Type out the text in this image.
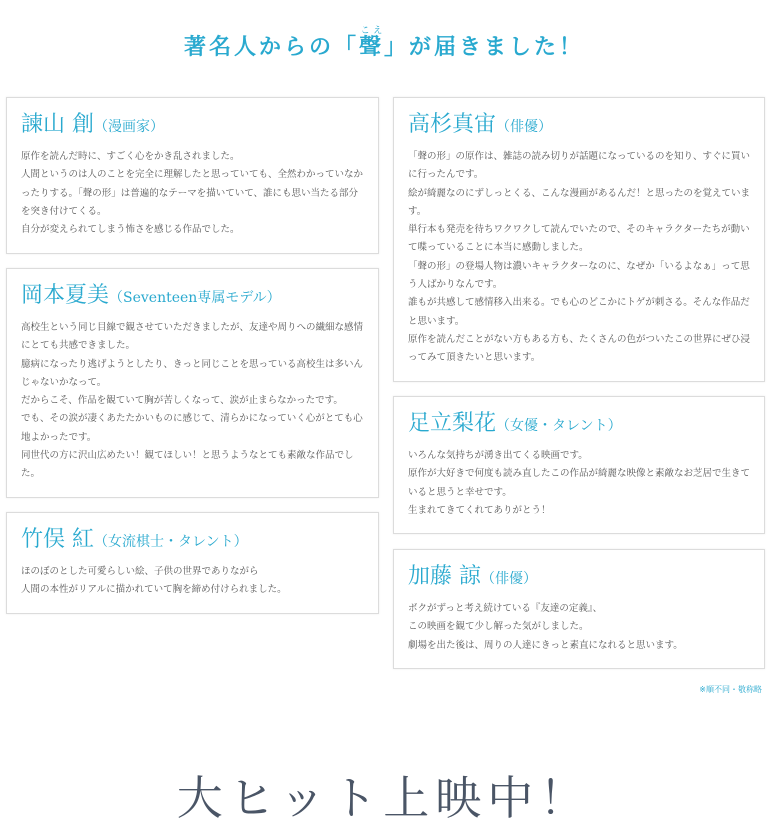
著名人からの「聲こえ」が届きました！
諫山 創（漫画家）
原作を読んだ時に、すごく心をかき乱されました。
人間というのは人のことを完全に理解したと思っていても、全然わかっていなかったりする。「聲の形」は普遍的なテーマを描いていて、誰にも思い当たる部分を突き付けてくる。
自分が変えられてしまう怖さを感じる作品でした。
岡本夏美（Seventeen専属モデル）
高校生という同じ目線で観させていただきましたが、友達や周りへの繊細な感情にとても共感できました。
臆病になったり逃げようとしたり、きっと同じことを思っている高校生は多いんじゃないかなって。
だからこそ、作品を観ていて胸が苦しくなって、涙が止まらなかったです。
でも、その涙が凄くあたたかいものに感じて、清らかになっていく心がとても心地よかったです。
同世代の方に沢山広めたい！観てほしい！と思うようなとても素敵な作品でした。
竹俣 紅（女流棋士・タレント）
ほのぼのとした可愛らしい絵、子供の世界でありながら
人間の本性がリアルに描かれていて胸を締め付けられました。
高杉真宙（俳優）
「聲の形」の原作は、雑誌の読み切りが話題になっているのを知り、すぐに買いに行ったんです。
絵が綺麗なのにずしっとくる、こんな漫画があるんだ！と思ったのを覚えています。
単行本も発売を待ちワクワクして読んでいたので、そのキャラクターたちが動いて喋っていることに本当に感動しました。
「聲の形」の登場人物は濃いキャラクターなのに、なぜか「いるよなぁ」って思う人ばかりなんです。
誰もが共感して感情移入出来る。でも心のどこかにトゲが刺さる。そんな作品だと思います。
原作を読んだことがない方もある方も、たくさんの色がついたこの世界にぜひ浸ってみて頂きたいと思います。
足立梨花（女優・タレント）
いろんな気持ちが湧き出てくる映画です。
原作が大好きで何度も読み直したこの作品が綺麗な映像と素敵なお芝居で生きていると思うと幸せです。
生まれてきてくれてありがとう！
加藤 諒（俳優）
ボクがずっと考え続けている『友達の定義』、
この映画を観て少し解った気がしました。
劇場を出た後は、周りの人達にきっと素直になれると思います。
※順不同・敬称略
大ヒット上映中！
